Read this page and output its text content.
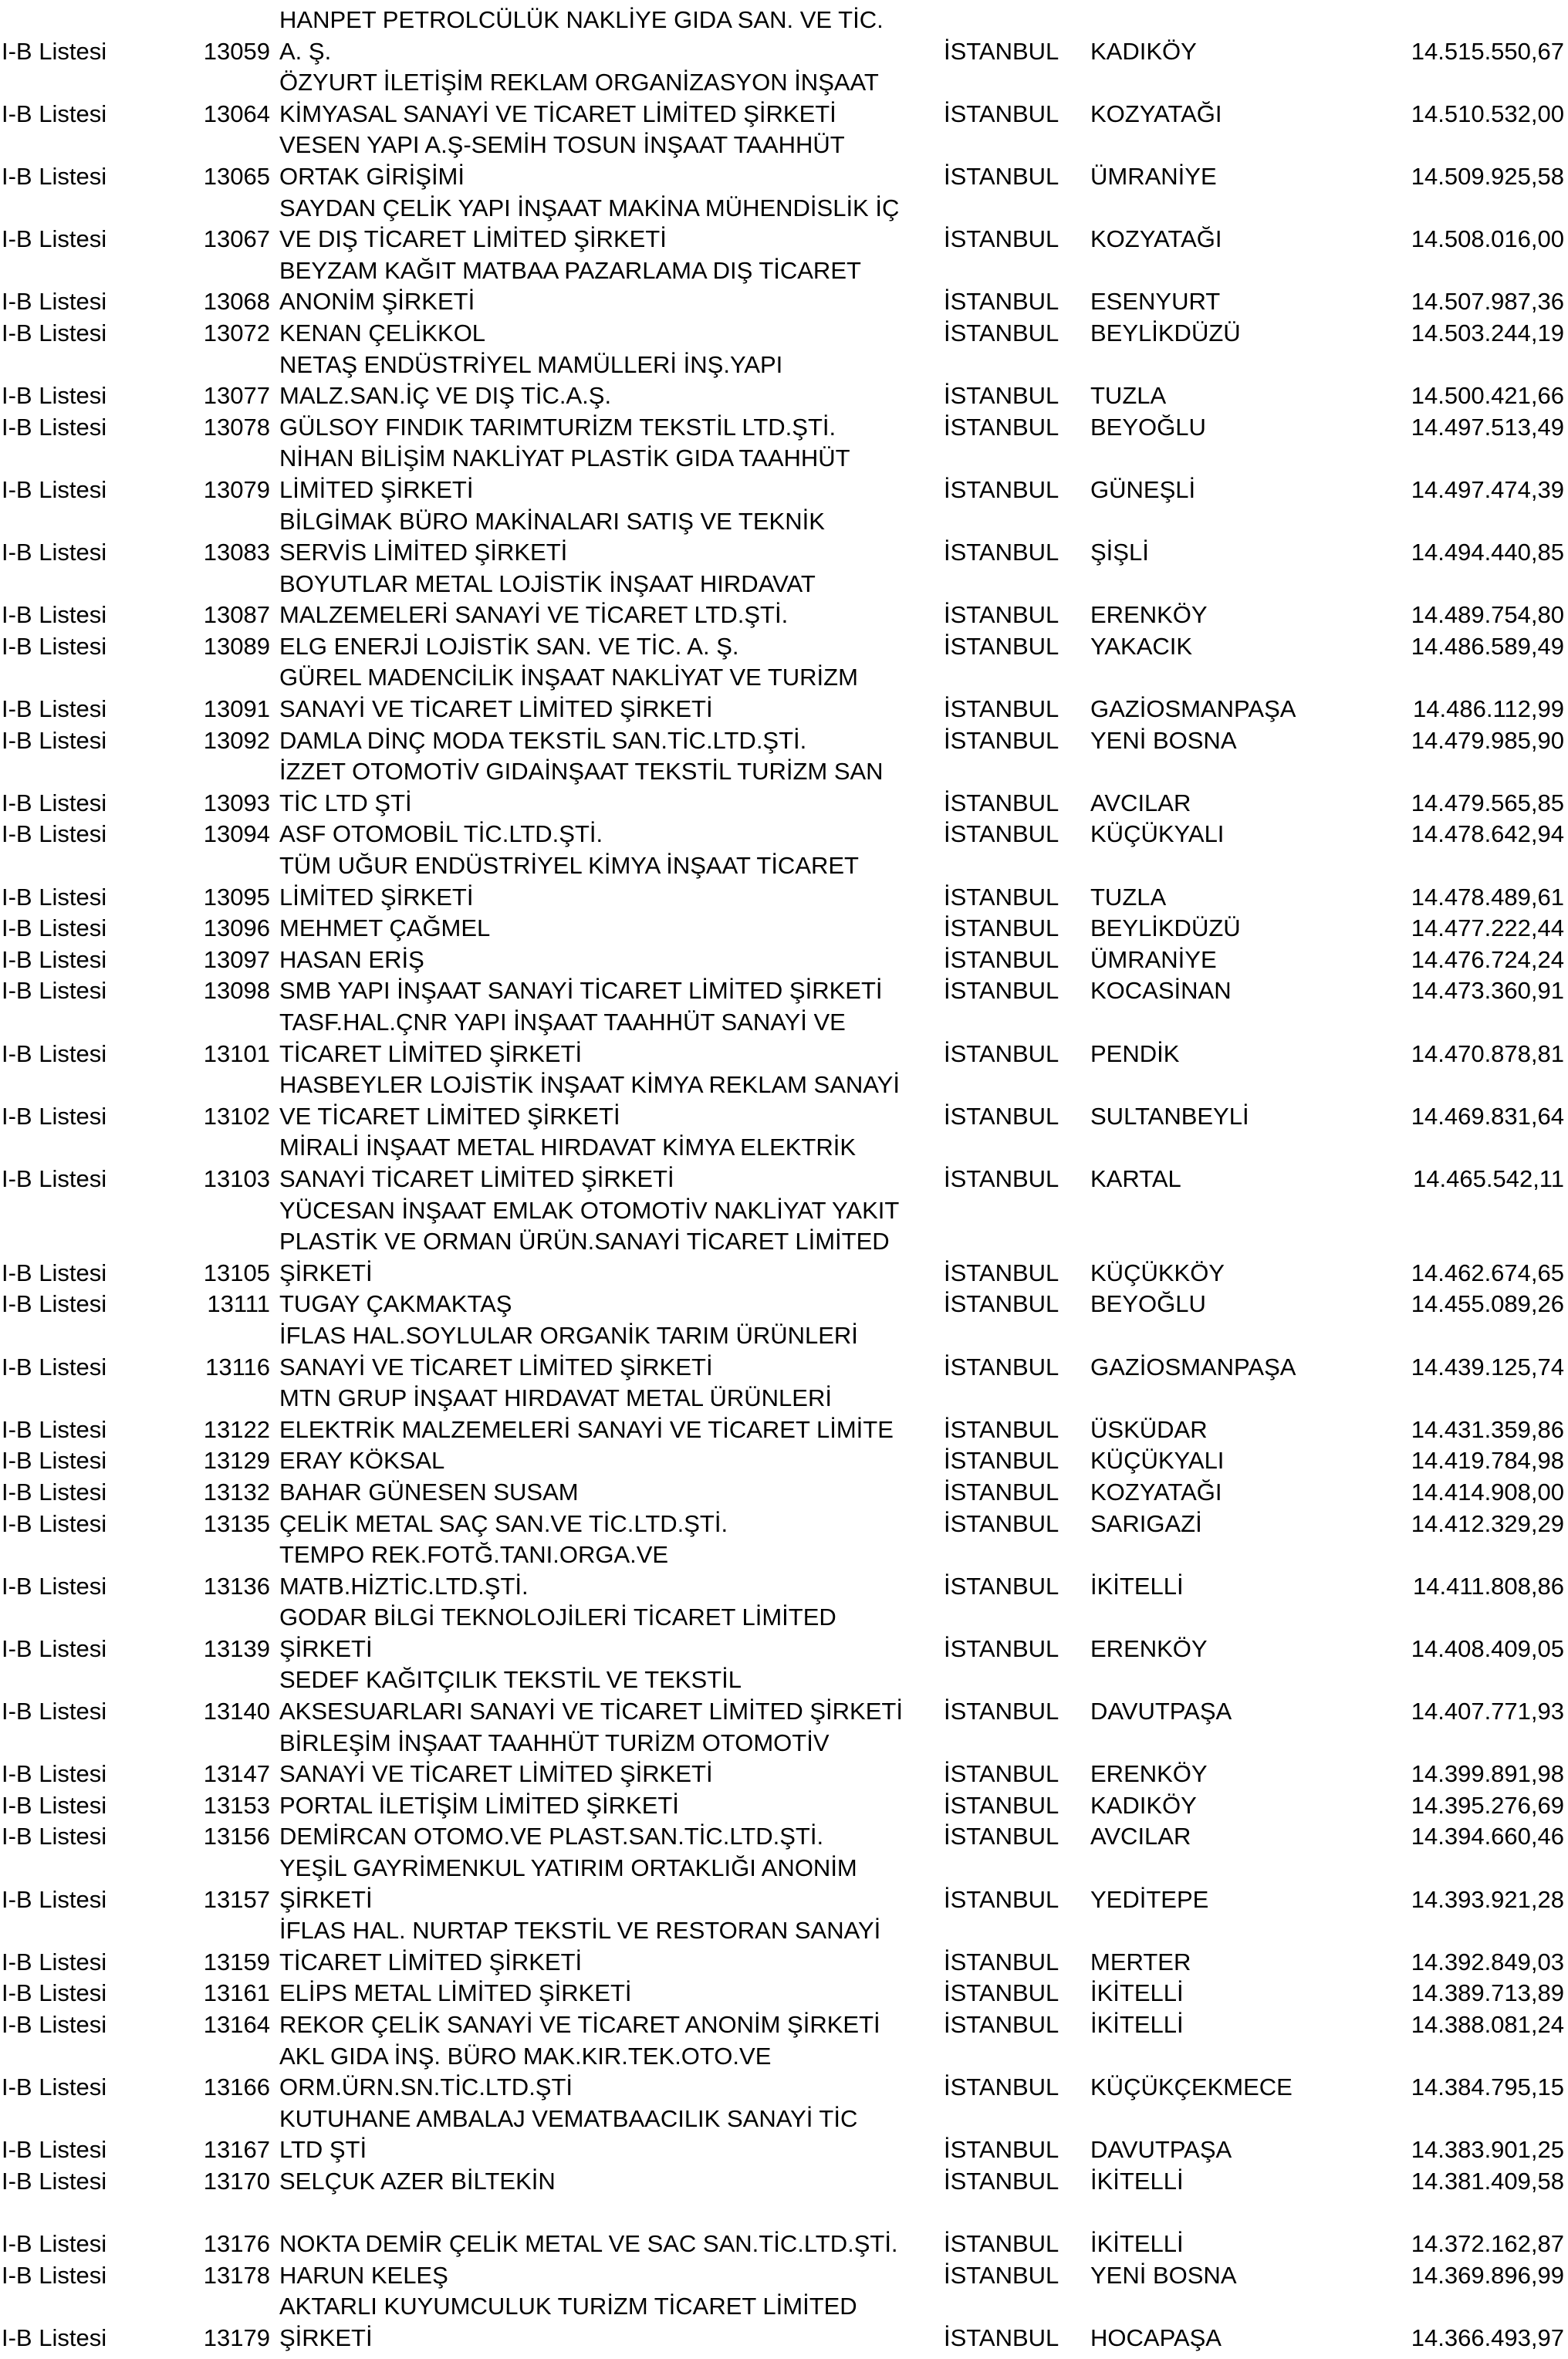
HANPET PETROLCÜLÜK NAKLİYE GIDA SAN. VE TİC.
I-B Listesi	13059 A. Ş.	İSTANBUL KADIKÖY	14.515.550,67
ÖZYURT İLETİŞİM REKLAM ORGANİZASYON İNŞAAT
I-B Listesi	13064 KİMYASAL SANAYİ VE TİCARET LİMİTED ŞİRKETİ	İSTANBUL KOZYATAĞI	14.510.532,00
VESEN YAPI A.Ş-SEMİH TOSUN İNŞAAT TAAHHÜT
I-B Listesi	13065 ORTAK GİRİŞİMİ	İSTANBUL ÜMRANİYE	14.509.925,58
SAYDAN ÇELİK YAPI İNŞAAT MAKİNA MÜHENDİSLİK İÇ
I-B Listesi	13067 VE DIŞ TİCARET LİMİTED ŞİRKETİ	İSTANBUL KOZYATAĞI	14.508.016,00
BEYZAM KAĞIT MATBAA PAZARLAMA DIŞ TİCARET
I-B Listesi	13068 ANONİM ŞİRKETİ	İSTANBUL ESENYURT	14.507.987,36
I-B Listesi	13072 KENAN ÇELİKKOL	İSTANBUL BEYLİKDÜZÜ	14.503.244,19
NETAŞ ENDÜSTRİYEL MAMÜLLERİ İNŞ.YAPI
I-B Listesi	13077 MALZ.SAN.İÇ VE DIŞ TİC.A.Ş.	İSTANBUL TUZLA	14.500.421,66
I-B Listesi	13078 GÜLSOY FINDIK TARIMTURİZM TEKSTİL LTD.ŞTİ.	İSTANBUL BEYOĞLU	14.497.513,49
NİHAN BİLİŞİM NAKLİYAT PLASTİK GIDA TAAHHÜT
I-B Listesi	13079 LİMİTED ŞİRKETİ	İSTANBUL GÜNEŞLİ	14.497.474,39
BİLGİMAK BÜRO MAKİNALARI SATIŞ VE TEKNİK
I-B Listesi	13083 SERVİS LİMİTED ŞİRKETİ	İSTANBUL ŞİŞLİ	14.494.440,85
BOYUTLAR METAL LOJİSTİK İNŞAAT HIRDAVAT
I-B Listesi	13087 MALZEMELERİ SANAYİ VE TİCARET LTD.ŞTİ.	İSTANBUL ERENKÖY	14.489.754,80
I-B Listesi	13089 ELG ENERJİ LOJİSTİK SAN. VE TİC. A. Ş.	İSTANBUL YAKACIK	14.486.589,49
GÜREL MADENCİLİK İNŞAAT NAKLİYAT VE TURİZM
I-B Listesi	13091 SANAYİ VE TİCARET LİMİTED ŞİRKETİ	İSTANBUL GAZİOSMANPAŞA	14.486.112,99
I-B Listesi	13092 DAMLA DİNÇ MODA TEKSTİL SAN.TİC.LTD.ŞTİ.	İSTANBUL YENİ BOSNA	14.479.985,90
İZZET OTOMOTİV GIDAİNŞAAT TEKSTİL TURİZM SAN
I-B Listesi	13093 TİC LTD ŞTİ	İSTANBUL AVCILAR	14.479.565,85
I-B Listesi	13094 ASF OTOMOBİL TİC.LTD.ŞTİ.	İSTANBUL KÜÇÜKYALI	14.478.642,94
TÜM UĞUR ENDÜSTRİYEL KİMYA İNŞAAT TİCARET
I-B Listesi	13095 LİMİTED ŞİRKETİ	İSTANBUL TUZLA	14.478.489,61
I-B Listesi	13096 MEHMET ÇAĞMEL	İSTANBUL BEYLİKDÜZÜ	14.477.222,44
I-B Listesi	13097 HASAN ERİŞ	İSTANBUL ÜMRANİYE	14.476.724,24
I-B Listesi	13098 SMB YAPI İNŞAAT SANAYİ TİCARET LİMİTED ŞİRKETİ	İSTANBUL KOCASİNAN	14.473.360,91
TASF.HAL.ÇNR YAPI İNŞAAT TAAHHÜT SANAYİ VE
I-B Listesi	13101 TİCARET LİMİTED ŞİRKETİ	İSTANBUL PENDİK	14.470.878,81
HASBEYLER LOJİSTİK İNŞAAT KİMYA REKLAM SANAYİ
I-B Listesi	13102 VE TİCARET LİMİTED ŞİRKETİ	İSTANBUL SULTANBEYLİ	14.469.831,64
MİRALİ İNŞAAT METAL HIRDAVAT KİMYA ELEKTRİK
I-B Listesi	13103 SANAYİ TİCARET LİMİTED ŞİRKETİ	İSTANBUL KARTAL	14.465.542,11
YÜCESAN İNŞAAT EMLAK OTOMOTİV NAKLİYAT YAKIT
PLASTİK VE ORMAN ÜRÜN.SANAYİ TİCARET LİMİTED
I-B Listesi	13105 ŞİRKETİ	İSTANBUL KÜÇÜKKÖY	14.462.674,65
I-B Listesi	13111 TUGAY ÇAKMAKTAŞ	İSTANBUL BEYOĞLU	14.455.089,26
İFLAS HAL.SOYLULAR ORGANİK TARIM ÜRÜNLERİ
I-B Listesi	13116 SANAYİ VE TİCARET LİMİTED ŞİRKETİ	İSTANBUL GAZİOSMANPAŞA	14.439.125,74
MTN GRUP İNŞAAT HIRDAVAT METAL ÜRÜNLERİ
I-B Listesi	13122 ELEKTRİK MALZEMELERİ SANAYİ VE TİCARET LİMİTE İSTANBUL ÜSKÜDAR	14.431.359,86
I-B Listesi	13129 ERAY KÖKSAL	İSTANBUL KÜÇÜKYALI	14.419.784,98
I-B Listesi	13132 BAHAR GÜNESEN SUSAM	İSTANBUL KOZYATAĞI	14.414.908,00
I-B Listesi	13135 ÇELİK METAL SAÇ SAN.VE TİC.LTD.ŞTİ.	İSTANBUL SARIGAZİ	14.412.329,29
TEMPO REK.FOTĞ.TANI.ORGA.VE
I-B Listesi	13136 MATB.HİZTİC.LTD.ŞTİ.	İSTANBUL İKİTELLİ	14.411.808,86
GODAR BİLGİ TEKNOLOJİLERİ TİCARET LİMİTED
I-B Listesi	13139 ŞİRKETİ	İSTANBUL ERENKÖY	14.408.409,05
SEDEF KAĞITÇILIK TEKSTİL VE TEKSTİL
I-B Listesi	13140 AKSESUARLARI SANAYİ VE TİCARET LİMİTED ŞİRKETİ İSTANBUL DAVUTPAŞA	14.407.771,93
BİRLEŞİM İNŞAAT TAAHHÜT TURİZM OTOMOTİV
I-B Listesi	13147 SANAYİ VE TİCARET LİMİTED ŞİRKETİ	İSTANBUL ERENKÖY	14.399.891,98
I-B Listesi	13153 PORTAL İLETİŞİM LİMİTED ŞİRKETİ	İSTANBUL KADIKÖY	14.395.276,69
I-B Listesi	13156 DEMİRCAN OTOMO.VE PLAST.SAN.TİC.LTD.ŞTİ.	İSTANBUL AVCILAR	14.394.660,46
YEŞİL GAYRİMENKUL YATIRIM ORTAKLIĞI ANONİM
I-B Listesi	13157 ŞİRKETİ	İSTANBUL YEDİTEPE	14.393.921,28
İFLAS HAL. NURTAP TEKSTİL VE RESTORAN SANAYİ
I-B Listesi	13159 TİCARET LİMİTED ŞİRKETİ	İSTANBUL MERTER	14.392.849,03
I-B Listesi	13161 ELİPS METAL LİMİTED ŞİRKETİ	İSTANBUL İKİTELLİ	14.389.713,89
I-B Listesi	13164 REKOR ÇELİK SANAYİ VE TİCARET ANONİM ŞİRKETİ	İSTANBUL İKİTELLİ	14.388.081,24
AKL GIDA İNŞ. BÜRO MAK.KIR.TEK.OTO.VE
I-B Listesi	13166 ORM.ÜRN.SN.TİC.LTD.ŞTİ	İSTANBUL KÜÇÜKÇEKMECE	14.384.795,15
KUTUHANE AMBALAJ VEMATBAACILIK SANAYİ TİC
I-B Listesi	13167 LTD ŞTİ	İSTANBUL DAVUTPAŞA	14.383.901,25
I-B Listesi	13170 SELÇUK AZER BİLTEKİN	İSTANBUL İKİTELLİ	14.381.409,58
I-B Listesi	13176 NOKTA DEMİR ÇELİK METAL VE SAC SAN.TİC.LTD.ŞTİ. İSTANBUL İKİTELLİ	14.372.162,87
I-B Listesi	13178 HARUN KELEŞ	İSTANBUL YENİ BOSNA	14.369.896,99
AKTARLI KUYUMCULUK TURİZM TİCARET LİMİTED
I-B Listesi	13179 ŞİRKETİ	İSTANBUL HOCAPAŞA	14.366.493,97
